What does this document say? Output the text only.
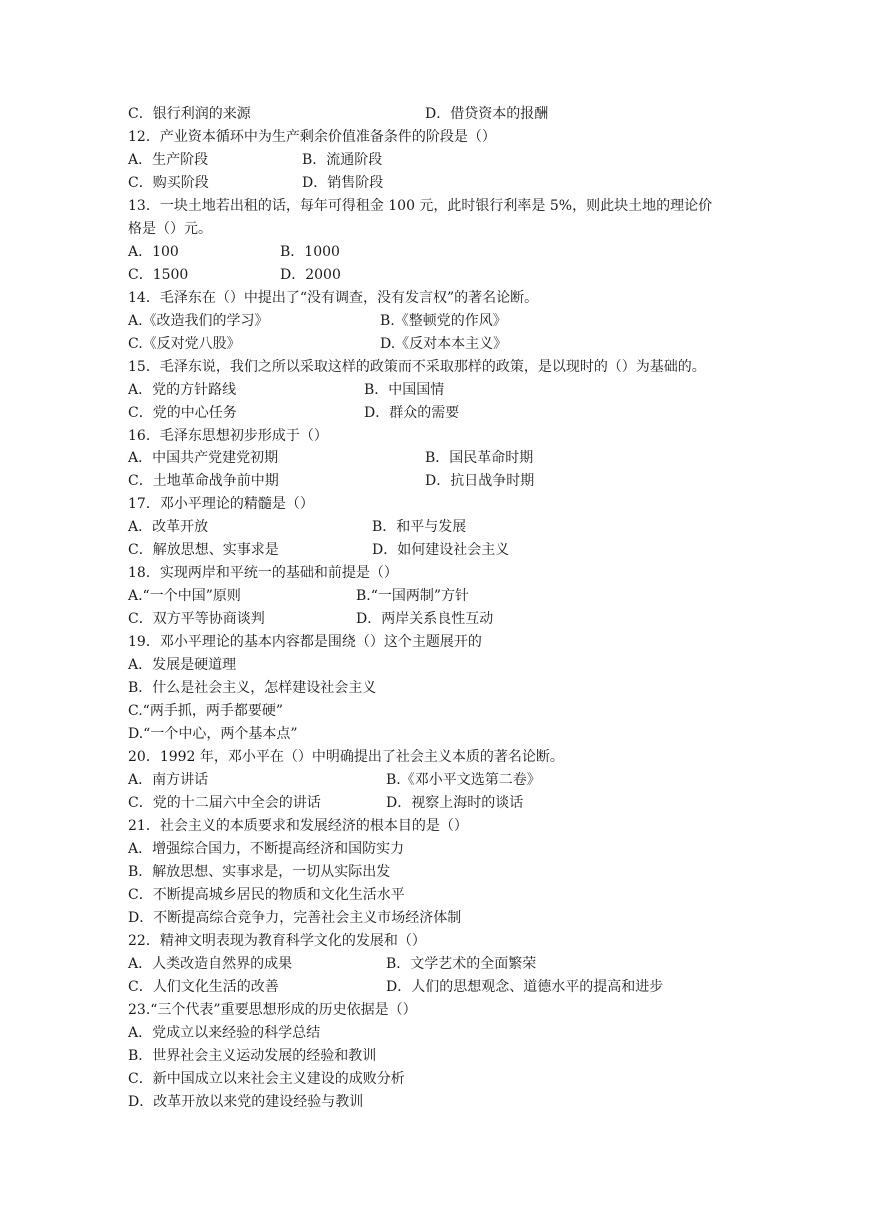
C．银行利润的来源	D．借贷资本的报酬
12．产业资本循环中为生产剩余价值准备条件的阶段是（）
A．生产阶段	B．流通阶段
C．购买阶段	D．销售阶段
13．一块土地若出租的话，每年可得租金 100 元，此时银行利率是 5%，则此块土地的理论价
格是（）元。
A．100	B．1000
C．1500	D．2000
14．毛泽东在（）中提出了“没有调查，没有发言权”的著名论断。
A.《改造我们的学习》	B.《整顿党的作风》
C.《反对党八股》	D.《反对本本主义》
15．毛泽东说，我们之所以采取这样的政策而不采取那样的政策，是以现时的（）为基础的。
A．党的方针路线	B．中国国情
C．党的中心任务	D．群众的需要
16．毛泽东思想初步形成于（）
A．中国共产党建党初期	B．国民革命时期
C．土地革命战争前中期	D．抗日战争时期
17．邓小平理论的精髓是（）
A．改革开放	B．和平与发展
C．解放思想、实事求是	D．如何建设社会主义
18．实现两岸和平统一的基础和前提是（）
A.“一个中国”原则	B.“一国两制”方针
C．双方平等协商谈判	D．两岸关系良性互动
19．邓小平理论的基本内容都是围绕（）这个主题展开的
A．发展是硬道理
B．什么是社会主义，怎样建设社会主义
C.“两手抓，两手都要硬”
D.“一个中心，两个基本点”
20．1992 年，邓小平在（）中明确提出了社会主义本质的著名论断。
A．南方讲话	B.《邓小平文选第二卷》
C．党的十二届六中全会的讲话	D．视察上海时的谈话
21．社会主义的本质要求和发展经济的根本目的是（）
A．增强综合国力，不断提高经济和国防实力
B．解放思想、实事求是，一切从实际出发
C．不断提高城乡居民的物质和文化生活水平
D．不断提高综合竞争力，完善社会主义市场经济体制
22．精神文明表现为教育科学文化的发展和（）
A．人类改造自然界的成果	B．文学艺术的全面繁荣
C．人们文化生活的改善	D．人们的思想观念、道德水平的提高和进步
23.“三个代表”重要思想形成的历史依据是（）
A．党成立以来经验的科学总结
B．世界社会主义运动发展的经验和教训
C．新中国成立以来社会主义建设的成败分析
D．改革开放以来党的建设经验与教训
